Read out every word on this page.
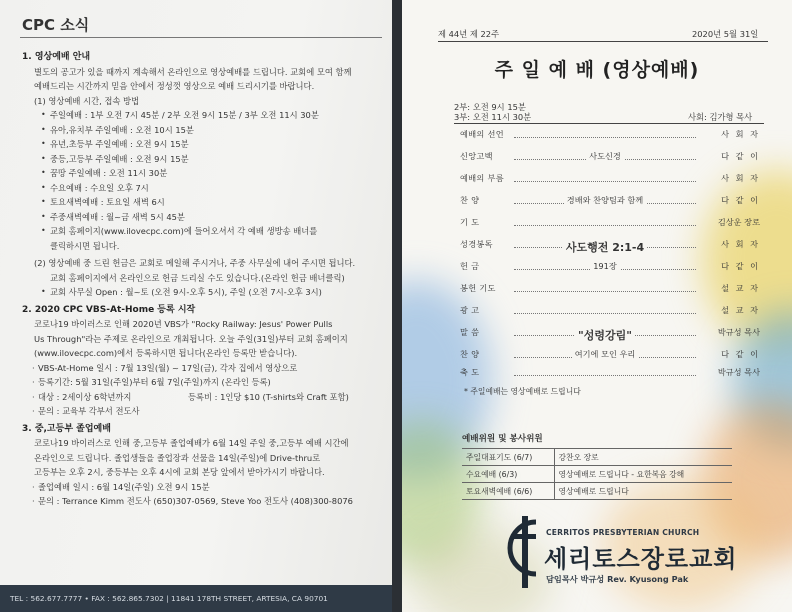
CPC 소식
1. 영상예배 안내
별도의 공고가 있을 때까지 계속해서 온라인으로 영상예배를 드립니다. 교회에 모여 함께
예배드리는 시간까지 믿음 안에서 정성껏 영상으로 예배 드리시기를 바랍니다.
(1) 영상예배 시간, 접속 방법
• 주일예배 : 1부 오전 7시 45분 / 2부 오전 9시 15분 / 3부 오전 11시 30분
• 유아,유치부 주일예배 : 오전 10시 15분
• 유년,초등부 주일예배 : 오전 9시 15분
• 중등,고등부 주일예배 : 오전 9시 15분
• 꿈땅 주일예배 : 오전 11시 30분
• 수요예배 : 수요일 오후 7시
• 토요새벽예배 : 토요일 새벽 6시
• 주중새벽예배 : 월~금 새벽 5시 45분
• 교회 홈페이지(www.ilovecpc.com)에 들어오셔서 각 예배 생방송 배너를
클릭하시면 됩니다.
(2) 영상예배 중 드린 헌금은 교회로 메일해 주시거나, 주중 사무실에 내어 주시면 됩니다.
교회 홈페이지에서 온라인으로 헌금 드리실 수도 있습니다.(온라인 헌금 배너클릭)
• 교회 사무실 Open : 월~토 (오전 9시-오후 5시), 주일 (오전 7시-오후 3시)
2. 2020 CPC VBS-At-Home 등록 시작
코로나19 바이러스로 인해 2020년 VBS가 "Rocky Railway: Jesus' Power Pulls
Us Through"라는 주제로 온라인으로 개최됩니다. 오늘 주일(31일)부터 교회 홈페이지
(www.ilovecpc.com)에서 등록하시면 됩니다(온라인 등록만 받습니다).
· VBS-At-Home 일시 : 7월 13일(월) ~ 17일(금), 각자 집에서 영상으로
· 등록기간: 5월 31일(주일)부터 6월 7일(주일)까지 (온라인 등록)
· 대상 : 2세이상 6학년까지	등록비 : 1인당 $10 (T-shirts와 Craft 포함)
· 문의 : 교육부 각부서 전도사
3. 중,고등부 졸업예배
코로나19 바이러스로 인해 중,고등부 졸업예배가 6월 14일 주일 중,고등부 예배 시간에
온라인으로 드립니다. 졸업생들을 졸업장과 선물을 14일(주일)에 Drive-thru로
고등부는 오후 2시, 중등부는 오후 4시에 교회 본당 앞에서 받아가시기 바랍니다.
· 졸업예배 일시 : 6월 14일(주일) 오전 9시 15분
· 문의 : Terrance Kimm 전도사 (650)307-0569, Steve Yoo 전도사 (408)300-8076
TEL : 562.677.7777 • FAX : 562.865.7302 | 11841 178TH STREET, ARTESIA, CA 90701
제 44년 제 22주	2020년 5월 31일
주 일 예 배 (영상예배)
2부: 오전 9시 15분
3부: 오전 11시 30분	사회: 김가형 목사
예배의 선언	사 회 자
신앙고백	사도신경	다 같 이
예배의 부름	사 회 자
찬 양	경배와 찬양팀과 함께	다 같 이
기 도	김상운 장로
성경봉독	사도행전 2:1-4	사 회 자
헌 금	191장	다 같 이
봉헌 기도	설 교 자
광 고	설 교 자
말 씀	"성령강림"	박규성 목사
찬 양	여기에 모인 우리	다 같 이
축 도	박규성 목사
* 주일예배는 영상예배로 드립니다
예배위원 및 봉사위원
주일대표기도 (6/7)	강찬오 장로
수요예배 (6/3)	영상예배로 드립니다 - 요한복음 강해
토요새벽예배 (6/6)	영상예배로 드립니다
CERRITOS PRESBYTERIAN CHURCH
세리토스장로교회
담임목사 박규성 Rev. Kyusong Pak
